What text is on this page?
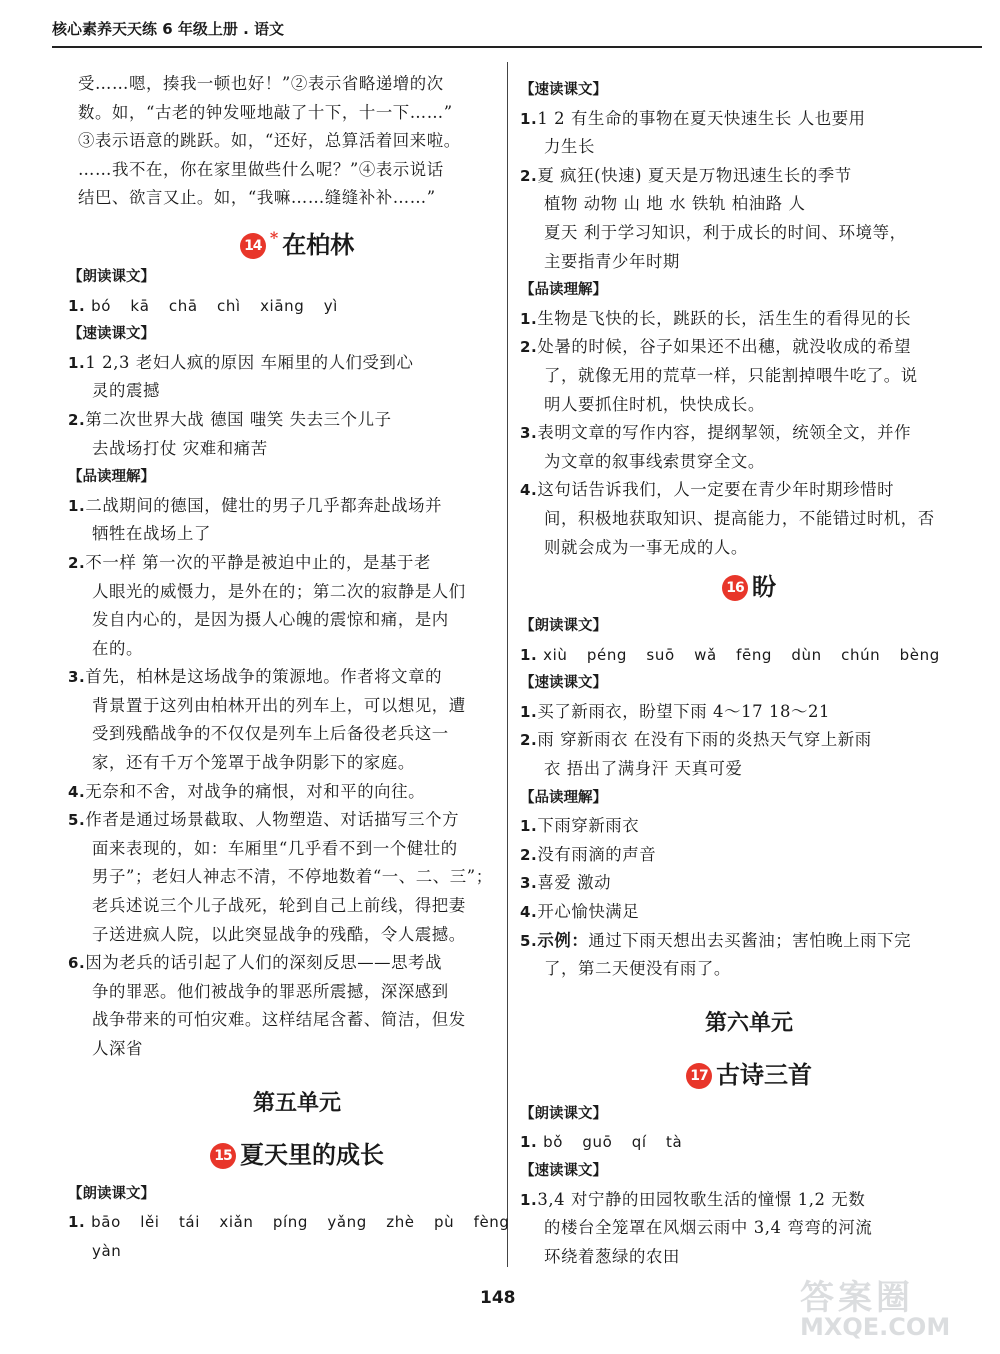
核心素养天天练 6 年级上册 . 语文
受……嗯，揍我一顿也好！”②表示省略递增的次
数。如，“古老的钟发哑地敲了十下，十一下……”
③表示语意的跳跃。如，“还好，总算活着回来啦。
……我不在，你在家里做些什么呢？”④表示说话
结巴、欲言又止。如，“我嘛……缝缝补补……”
14 * 在柏林
【朗读课文】
1. bó kā chā chì xiāng yì
【速读课文】
1.1 2,3 老妇人疯的原因 车厢里的人们受到心
灵的震撼
2.第二次世界大战 德国 嗤笑 失去三个儿子
去战场打仗 灾难和痛苦
【品读理解】
1.二战期间的德国，健壮的男子几乎都奔赴战场并
牺牲在战场上了
2.不一样 第一次的平静是被迫中止的，是基于老
人眼光的威慑力，是外在的；第二次的寂静是人们
发自内心的，是因为摄人心魄的震惊和痛，是内
在的。
3.首先，柏林是这场战争的策源地。作者将文章的
背景置于这列由柏林开出的列车上，可以想见，遭
受到残酷战争的不仅仅是列车上后备役老兵这一
家，还有千万个笼罩于战争阴影下的家庭。
4.无奈和不舍，对战争的痛恨，对和平的向往。
5.作者是通过场景截取、人物塑造、对话描写三个方
面来表现的，如：车厢里“几乎看不到一个健壮的
男子”；老妇人神志不清，不停地数着“一、二、三”；
老兵述说三个儿子战死，轮到自己上前线，得把妻
子送进疯人院，以此突显战争的残酷，令人震撼。
6.因为老兵的话引起了人们的深刻反思——思考战
争的罪恶。他们被战争的罪恶所震撼，深深感到
战争带来的可怕灾难。这样结尾含蓄、简洁，但发
人深省
第五单元
15 夏天里的成长
【朗读课文】
1. bāo lěi tái xiǎn píng yǎng zhè pù fèng
yàn
【速读课文】
1.1 2 有生命的事物在夏天快速生长 人也要用
力生长
2.夏 疯狂(快速) 夏天是万物迅速生长的季节
植物 动物 山 地 水 铁轨 柏油路 人
夏天 利于学习知识，利于成长的时间、环境等，
主要指青少年时期
【品读理解】
1.生物是飞快的长，跳跃的长，活生生的看得见的长
2.处暑的时候，谷子如果还不出穗，就没收成的希望
了，就像无用的荒草一样，只能割掉喂牛吃了。说
明人要抓住时机，快快成长。
3.表明文章的写作内容，提纲挈领，统领全文，并作
为文章的叙事线索贯穿全文。
4.这句话告诉我们，人一定要在青少年时期珍惜时
间，积极地获取知识、提高能力，不能错过时机，否
则就会成为一事无成的人。
16 盼
【朗读课文】
1. xiù péng suō wǎ fēng dùn chún bèng
【速读课文】
1.买了新雨衣，盼望下雨 4～17 18～21
2.雨 穿新雨衣 在没有下雨的炎热天气穿上新雨
衣 捂出了满身汗 天真可爱
【品读理解】
1.下雨穿新雨衣
2.没有雨滴的声音
3.喜爱 激动
4.开心愉快满足
5.示例：通过下雨天想出去买酱油；害怕晚上雨下完
了，第二天便没有雨了。
第六单元
17 古诗三首
【朗读课文】
1. bǒ guō qí tà
【速读课文】
1.3,4 对宁静的田园牧歌生活的憧憬 1,2 无数
的楼台全笼罩在风烟云雨中 3,4 弯弯的河流
环绕着葱绿的农田
148	答案圈
MXQE.COM
